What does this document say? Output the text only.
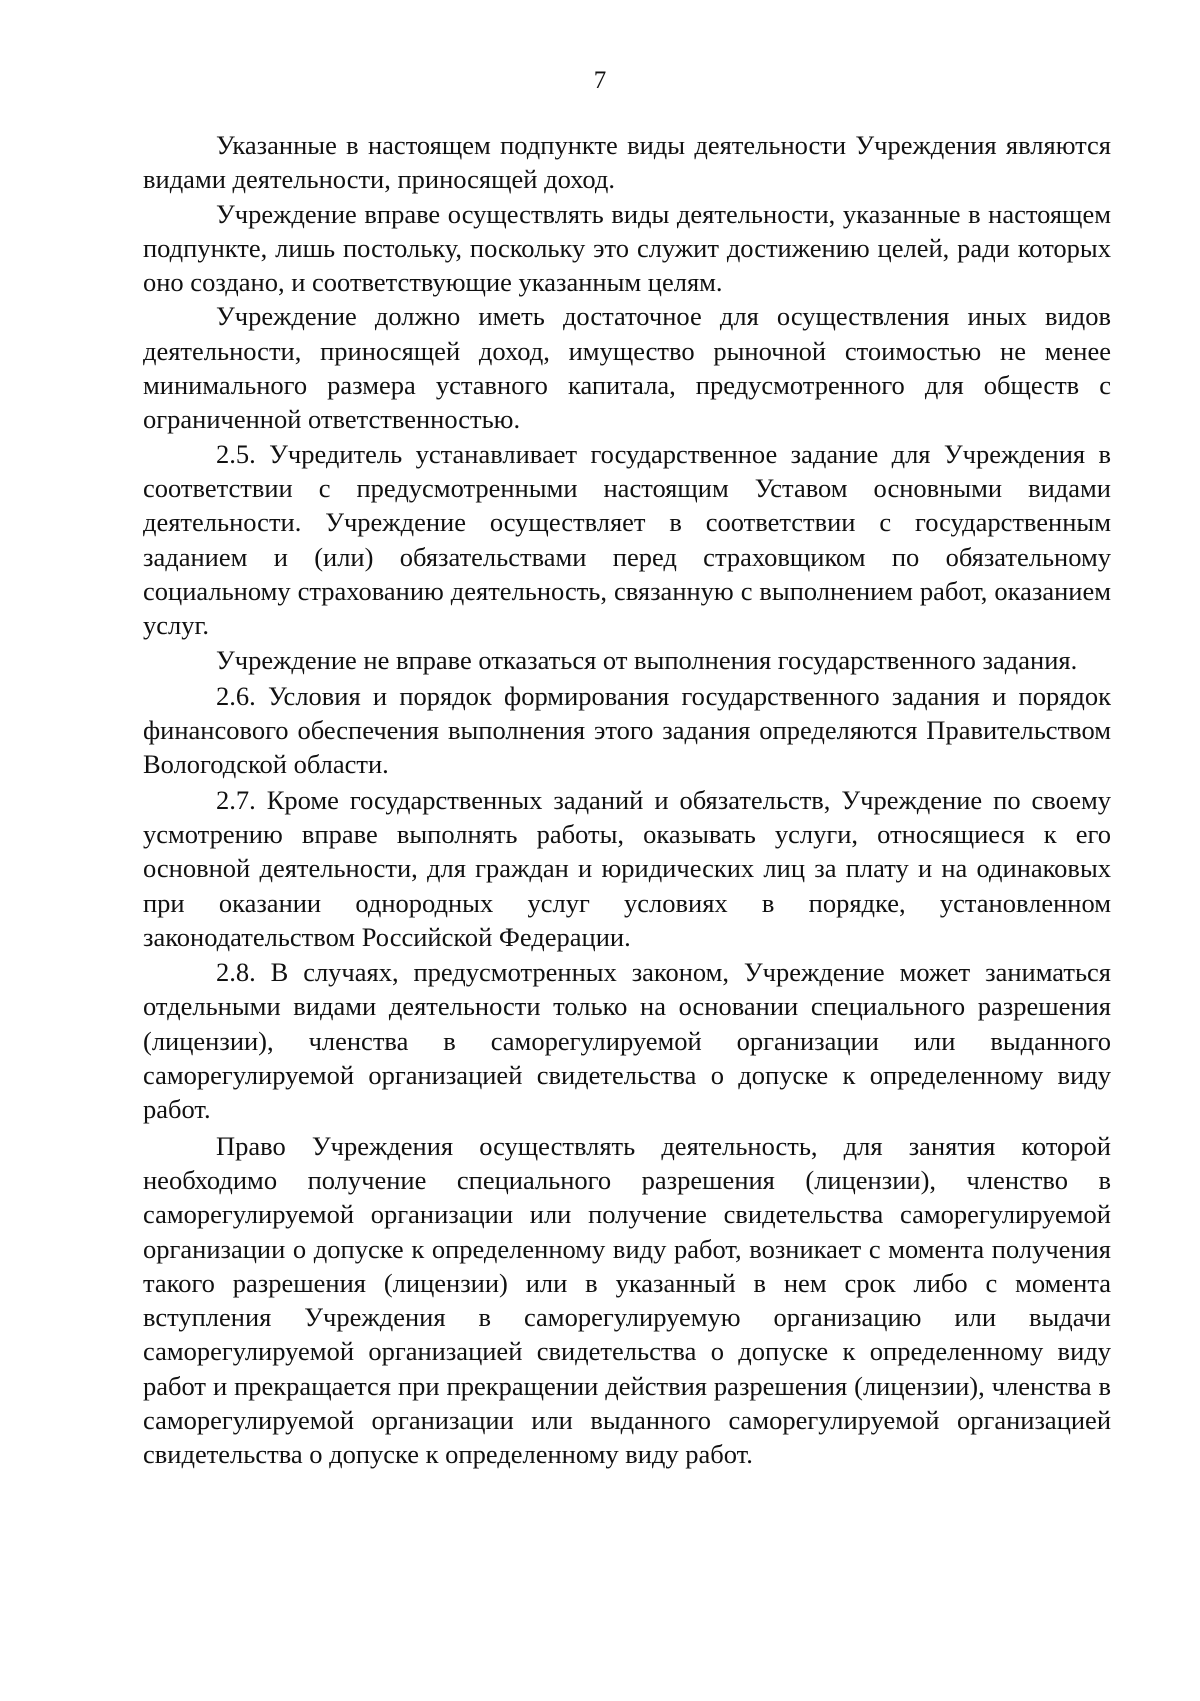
7

Указанные в настоящем подпункте виды деятельности Учреждения являются видами деятельности, приносящей доход.

Учреждение вправе осуществлять виды деятельности, указанные в настоящем подпункте, лишь постольку, поскольку это служит достижению целей, ради которых оно создано, и соответствующие указанным целям.

Учреждение должно иметь достаточное для осуществления иных видов деятельности, приносящей доход, имущество рыночной стоимостью не менее минимального размера уставного капитала, предусмотренного для обществ с ограниченной ответственностью.

2.5. Учредитель устанавливает государственное задание для Учреждения в соответствии с предусмотренными настоящим Уставом основными видами деятельности. Учреждение осуществляет в соответствии с государственным заданием и (или) обязательствами перед страховщиком по обязательному социальному страхованию деятельность, связанную с выполнением работ, оказанием услуг.

Учреждение не вправе отказаться от выполнения государственного задания.

2.6. Условия и порядок формирования государственного задания и порядок финансового обеспечения выполнения этого задания определяются Правительством Вологодской области.

2.7. Кроме государственных заданий и обязательств, Учреждение по своему усмотрению вправе выполнять работы, оказывать услуги, относящиеся к его основной деятельности, для граждан и юридических лиц за плату и на одинаковых при оказании однородных услуг условиях в порядке, установленном законодательством Российской Федерации.

2.8. В случаях, предусмотренных законом, Учреждение может заниматься отдельными видами деятельности только на основании специального разрешения (лицензии), членства в саморегулируемой организации или выданного саморегулируемой организацией свидетельства о допуске к определенному виду работ.

Право Учреждения осуществлять деятельность, для занятия которой необходимо получение специального разрешения (лицензии), членство в саморегулируемой организации или получение свидетельства саморегулируемой организации о допуске к определенному виду работ, возникает с момента получения такого разрешения (лицензии) или в указанный в нем срок либо с момента вступления Учреждения в саморегулируемую организацию или выдачи саморегулируемой организацией свидетельства о допуске к определенному виду работ и прекращается при прекращении действия разрешения (лицензии), членства в саморегулируемой организации или выданного саморегулируемой организацией свидетельства о допуске к определенному виду работ.
